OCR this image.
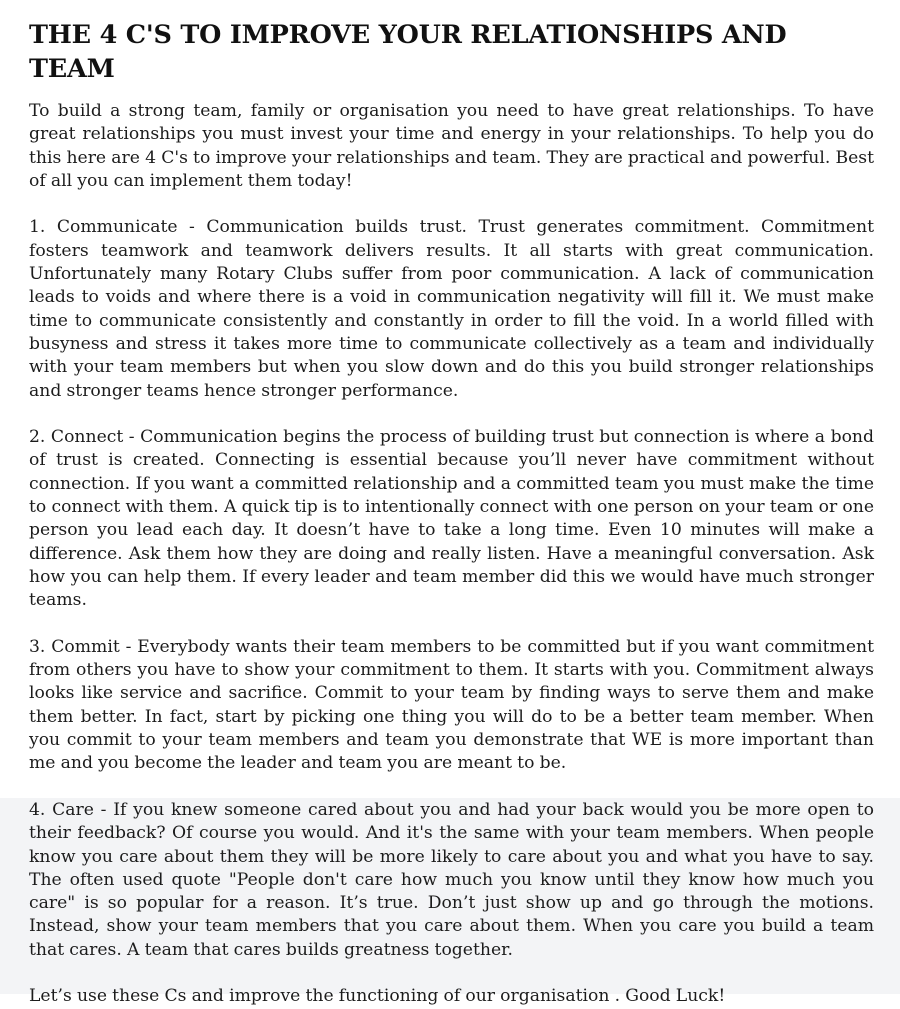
THE 4 C'S TO IMPROVE YOUR RELATIONSHIPS AND TEAM

To build a strong team, family or organisation you need to have great relationships. To have great relationships you must invest your time and energy in your relationships. To help you do this here are 4 C's to improve your relationships and team. They are practical and powerful. Best of all you can implement them today!

1. Communicate - Communication builds trust. Trust generates commitment. Commitment fosters teamwork and teamwork delivers results. It all starts with great communication. Unfortunately many Rotary Clubs suffer from poor communication. A lack of communication leads to voids and where there is a void in communication negativity will fill it. We must make time to communicate consistently and constantly in order to fill the void. In a world filled with busyness and stress it takes more time to communicate collectively as a team and individually with your team members but when you slow down and do this you build stronger relationships and stronger teams hence stronger performance.

2. Connect - Communication begins the process of building trust but connection is where a bond of trust is created. Connecting is essential because you’ll never have commitment without connection. If you want a committed relationship and a committed team you must make the time to connect with them. A quick tip is to intentionally connect with one person on your team or one person you lead each day. It doesn’t have to take a long time. Even 10 minutes will make a difference. Ask them how they are doing and really listen. Have a meaningful conversation. Ask how you can help them. If every leader and team member did this we would have much stronger teams.

3. Commit - Everybody wants their team members to be committed but if you want commitment from others you have to show your commitment to them. It starts with you. Commitment always looks like service and sacrifice. Commit to your team by finding ways to serve them and make them better. In fact, start by picking one thing you will do to be a better team member. When you commit to your team members and team you demonstrate that WE is more important than me and you become the leader and team you are meant to be.

4. Care - If you knew someone cared about you and had your back would you be more open to their feedback? Of course you would. And it's the same with your team members. When people know you care about them they will be more likely to care about you and what you have to say. The often used quote "People don't care how much you know until they know how much you care" is so popular for a reason. It’s true. Don’t just show up and go through the motions. Instead, show your team members that you care about them. When you care you build a team that cares. A team that cares builds greatness together.

Let’s use these Cs and improve the functioning of our organisation . Good Luck!
